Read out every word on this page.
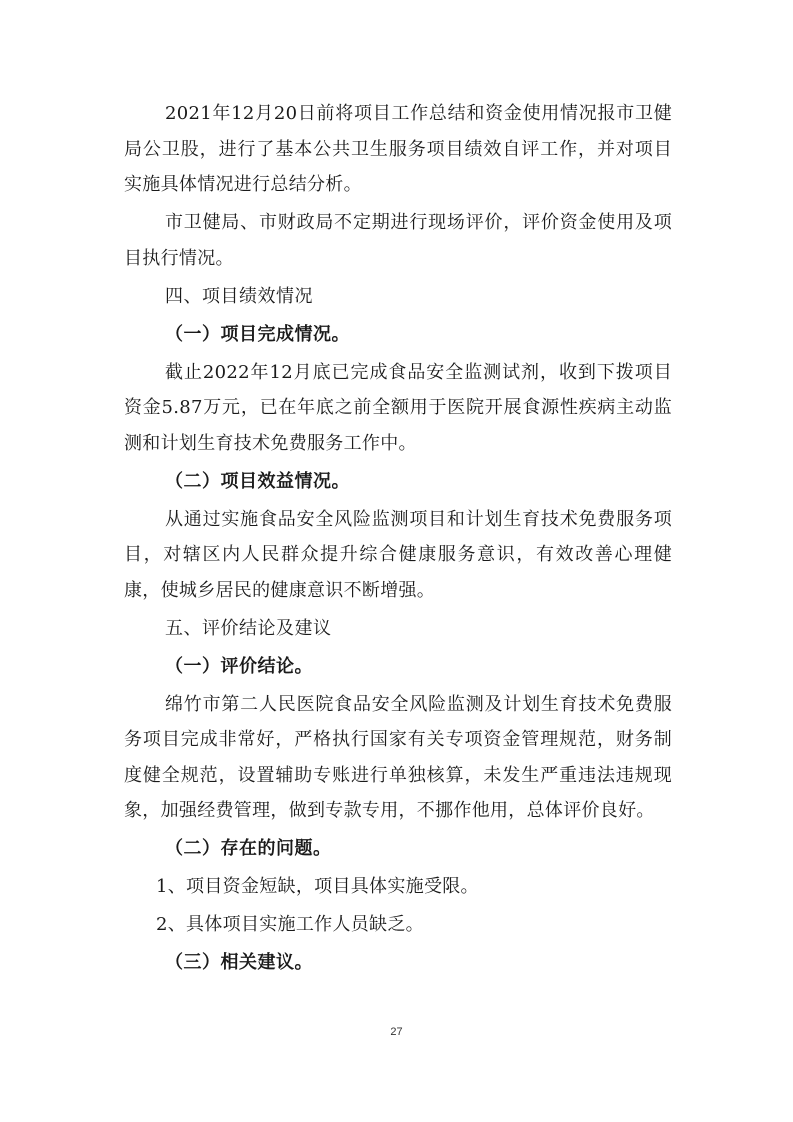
2021年12月20日前将项目工作总结和资金使用情况报市卫健局公卫股，进行了基本公共卫生服务项目绩效自评工作，并对项目实施具体情况进行总结分析。

市卫健局、市财政局不定期进行现场评价，评价资金使用及项目执行情况。

四、项目绩效情况

（一）项目完成情况。

截止2022年12月底已完成食品安全监测试剂，收到下拨项目资金5.87万元，已在年底之前全额用于医院开展食源性疾病主动监测和计划生育技术免费服务工作中。

（二）项目效益情况。

从通过实施食品安全风险监测项目和计划生育技术免费服务项目，对辖区内人民群众提升综合健康服务意识，有效改善心理健康，使城乡居民的健康意识不断增强。

五、评价结论及建议

（一）评价结论。

绵竹市第二人民医院食品安全风险监测及计划生育技术免费服务项目完成非常好，严格执行国家有关专项资金管理规范，财务制度健全规范，设置辅助专账进行单独核算，未发生严重违法违规现象，加强经费管理，做到专款专用，不挪作他用，总体评价良好。

（二）存在的问题。

1、项目资金短缺，项目具体实施受限。

2、具体项目实施工作人员缺乏。

（三）相关建议。

27
